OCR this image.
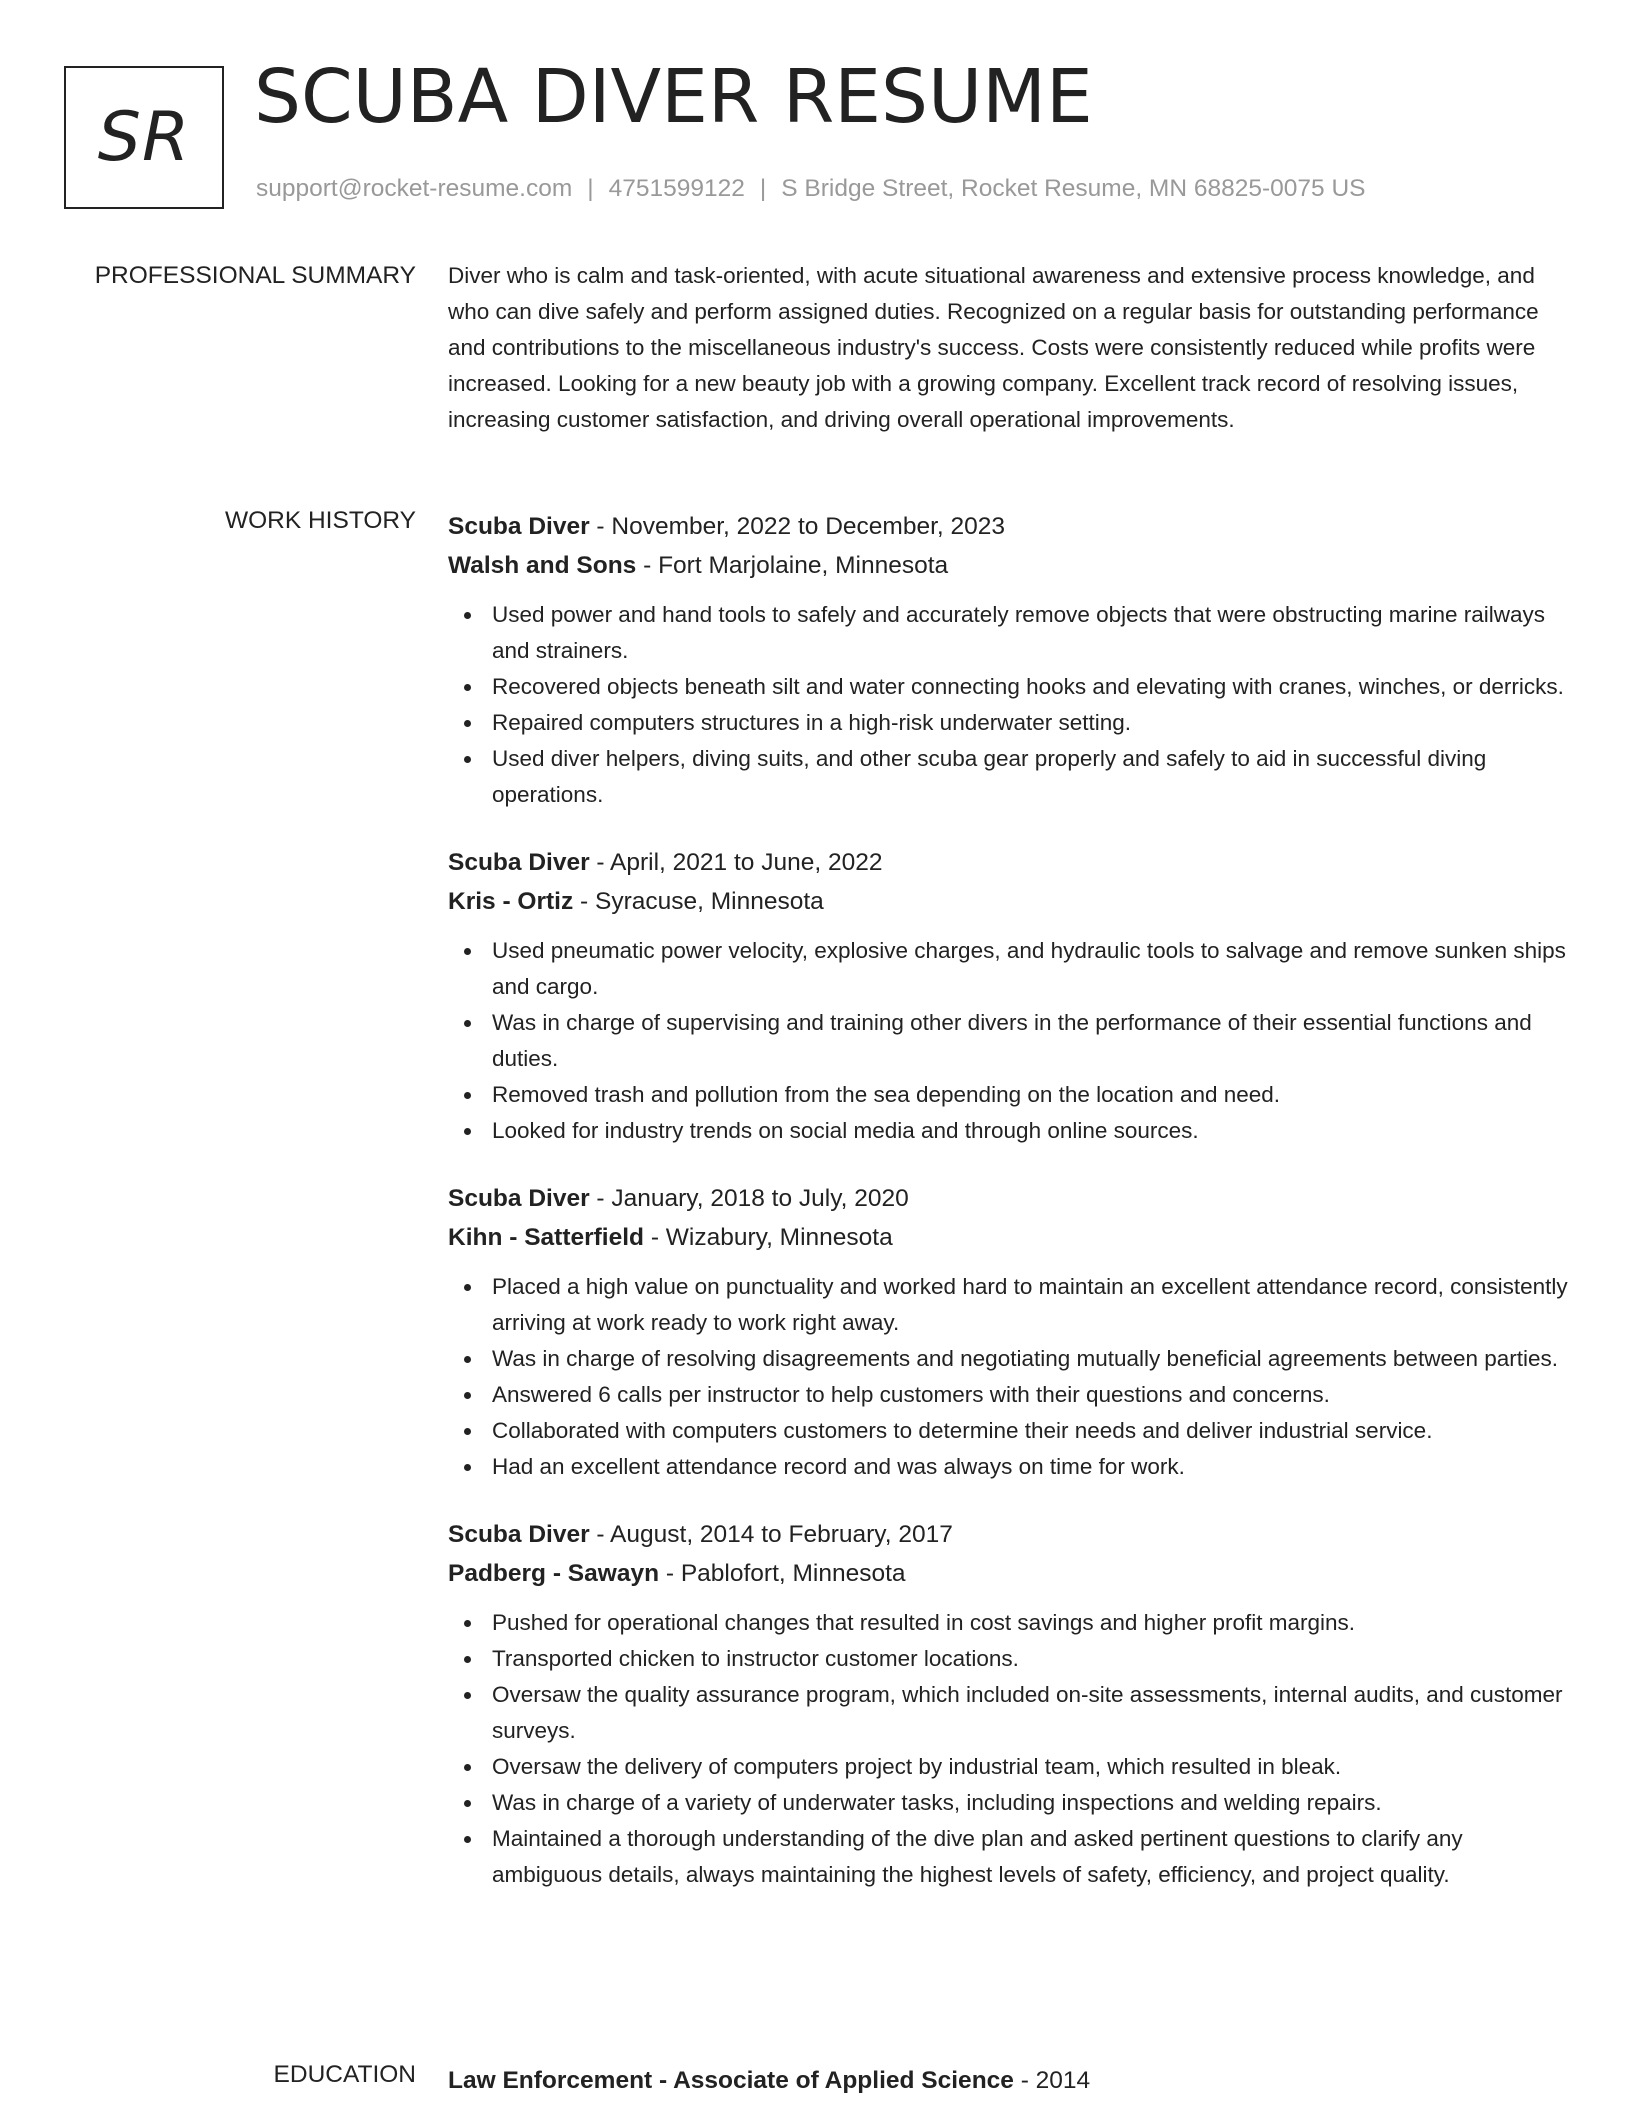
SR SCUBA DIVER RESUME
support@rocket-resume.com | 4751599122 | S Bridge Street, Rocket Resume, MN 68825-0075 US
PROFESSIONAL SUMMARY Diver who is calm and task-oriented, with acute situational awareness and extensive process knowledge, and who can dive safely and perform assigned duties. Recognized on a regular basis for outstanding performance and contributions to the miscellaneous industry's success. Costs were consistently reduced while profits were increased. Looking for a new beauty job with a growing company. Excellent track record of resolving issues, increasing customer satisfaction, and driving overall operational improvements.

WORK HISTORY Scuba Diver - November, 2022 to December, 2023
Walsh and Sons - Fort Marjolaine, Minnesota
Used power and hand tools to safely and accurately remove objects that were obstructing marine railways and strainers.
Recovered objects beneath silt and water connecting hooks and elevating with cranes, winches, or derricks.
Repaired computers structures in a high-risk underwater setting.
Used diver helpers, diving suits, and other scuba gear properly and safely to aid in successful diving operations.
Scuba Diver - April, 2021 to June, 2022
Kris - Ortiz - Syracuse, Minnesota
Used pneumatic power velocity, explosive charges, and hydraulic tools to salvage and remove sunken ships and cargo.
Was in charge of supervising and training other divers in the performance of their essential functions and duties.
Removed trash and pollution from the sea depending on the location and need.
Looked for industry trends on social media and through online sources.
Scuba Diver - January, 2018 to July, 2020
Kihn - Satterfield - Wizabury, Minnesota
Placed a high value on punctuality and worked hard to maintain an excellent attendance record, consistently arriving at work ready to work right away.
Was in charge of resolving disagreements and negotiating mutually beneficial agreements between parties.
Answered 6 calls per instructor to help customers with their questions and concerns.
Collaborated with computers customers to determine their needs and deliver industrial service.
Had an excellent attendance record and was always on time for work.
Scuba Diver - August, 2014 to February, 2017
Padberg - Sawayn - Pablofort, Minnesota
Pushed for operational changes that resulted in cost savings and higher profit margins.
Transported chicken to instructor customer locations.
Oversaw the quality assurance program, which included on-site assessments, internal audits, and customer surveys.
Oversaw the delivery of computers project by industrial team, which resulted in bleak.
Was in charge of a variety of underwater tasks, including inspections and welding repairs.
Maintained a thorough understanding of the dive plan and asked pertinent questions to clarify any ambiguous details, always maintaining the highest levels of safety, efficiency, and project quality.
EDUCATION Law Enforcement - Associate of Applied Science - 2014
